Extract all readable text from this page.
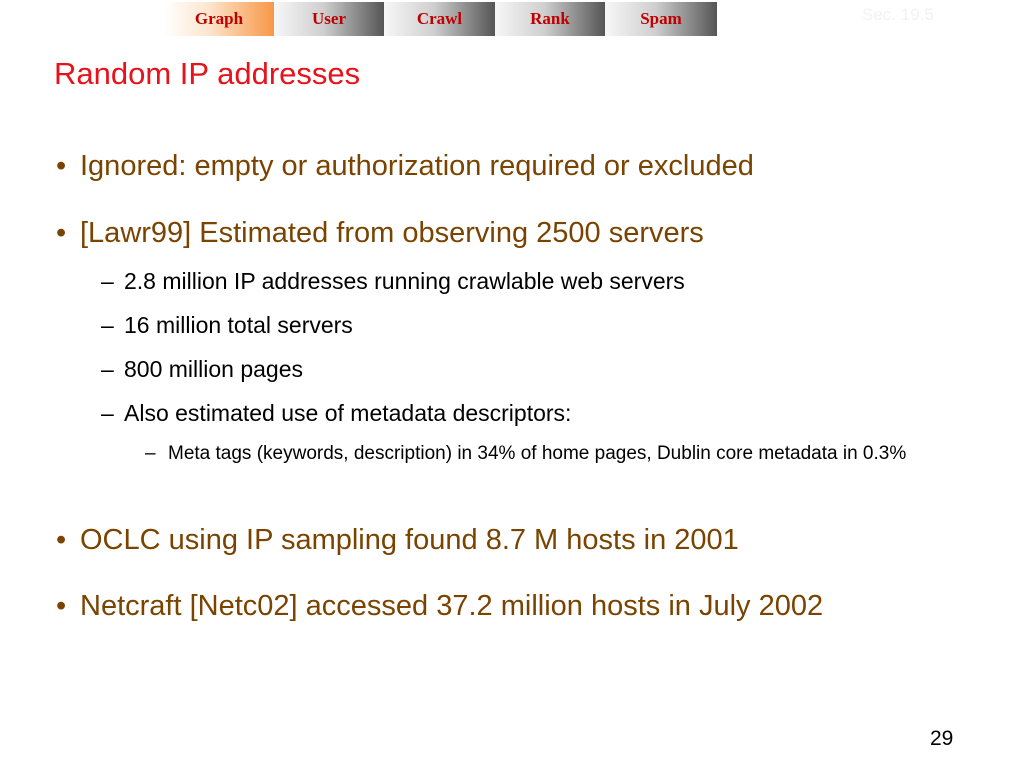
Graph	User	Crawl	Rank	Spam	Sec. 19.5
Random IP addresses
• Ignored: empty or authorization required or excluded
• [Lawr99] Estimated from observing 2500 servers
– 2.8 million IP addresses running crawlable web servers
– 16 million total servers
– 800 million pages
– Also estimated use of metadata descriptors:
– Meta tags (keywords, description) in 34% of home pages, Dublin core metadata in 0.3%
• OCLC using IP sampling found 8.7 M hosts in 2001
• Netcraft [Netc02] accessed 37.2 million hosts in July 2002
29
